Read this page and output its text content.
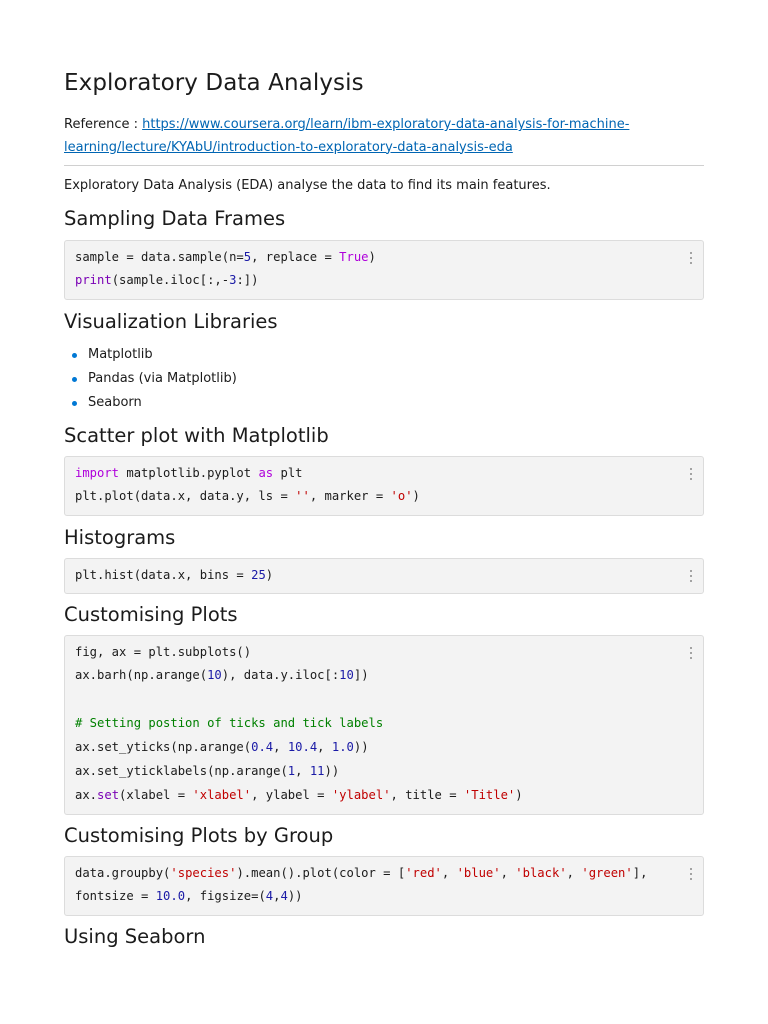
Exploratory Data Analysis
Reference : https://www.coursera.org/learn/ibm-exploratory-data-analysis-for-machine-
learning/lecture/KYAbU/introduction-to-exploratory-data-analysis-eda
Exploratory Data Analysis (EDA) analyse the data to find its main features.
Sampling Data Frames
sample = data.sample(n=5, replace = True)
print(sample.iloc[:,-3:])
Visualization Libraries
Matplotlib
Pandas (via Matplotlib)
Seaborn
Scatter plot with Matplotlib
import matplotlib.pyplot as plt
plt.plot(data.x, data.y, ls = '', marker = 'o')
Histograms
plt.hist(data.x, bins = 25)
Customising Plots
fig, ax = plt.subplots()
ax.barh(np.arange(10), data.y.iloc[:10])
# Setting postion of ticks and tick labels
ax.set_yticks(np.arange(0.4, 10.4, 1.0))
ax.set_yticklabels(np.arange(1, 11))
ax.set(xlabel = 'xlabel', ylabel = 'ylabel', title = 'Title')
Customising Plots by Group
data.groupby('species').mean().plot(color = ['red', 'blue', 'black', 'green'],
fontsize = 10.0, figsize=(4,4))
Using Seaborn
